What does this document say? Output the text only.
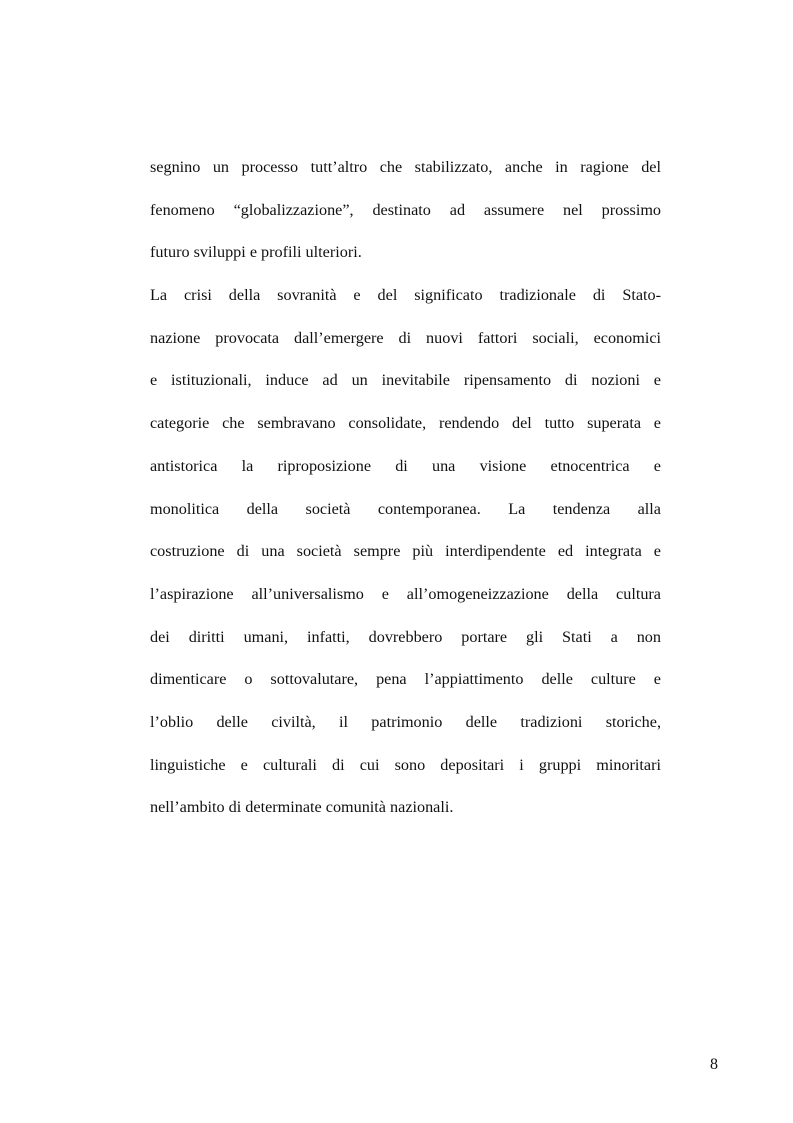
segnino un processo tutt’altro che stabilizzato, anche in ragione del
fenomeno “globalizzazione”, destinato ad assumere nel prossimo
futuro sviluppi e profili ulteriori.
La crisi della sovranità e del significato tradizionale di Stato-
nazione provocata dall’emergere di nuovi fattori sociali, economici
e istituzionali, induce ad un inevitabile ripensamento di nozioni e
categorie che sembravano consolidate, rendendo del tutto superata e
antistorica la riproposizione di una visione etnocentrica e
monolitica della società contemporanea. La tendenza alla
costruzione di una società sempre più interdipendente ed integrata e
l’aspirazione all’universalismo e all’omogeneizzazione della cultura
dei diritti umani, infatti, dovrebbero portare gli Stati a non
dimenticare o sottovalutare, pena l’appiattimento delle culture e
l’oblio delle civiltà, il patrimonio delle tradizioni storiche,
linguistiche e culturali di cui sono depositari i gruppi minoritari
nell’ambito di determinate comunità nazionali.
8
